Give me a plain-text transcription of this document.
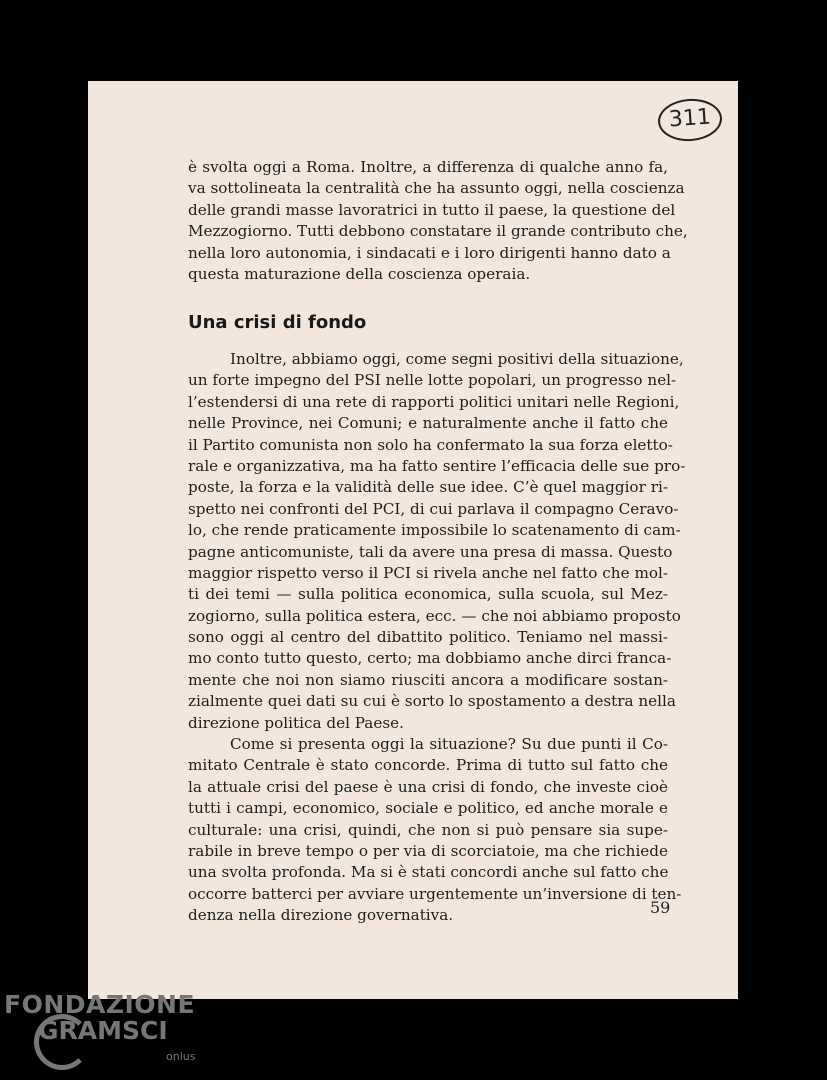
311
è svolta oggi a Roma. Inoltre, a differenza di qualche anno fa,
va sottolineata la centralità che ha assunto oggi, nella coscienza
delle grandi masse lavoratrici in tutto il paese, la questione del
Mezzogiorno. Tutti debbono constatare il grande contributo che,
nella loro autonomia, i sindacati e i loro dirigenti hanno dato a
questa maturazione della coscienza operaia.
Una crisi di fondo
Inoltre, abbiamo oggi, come segni positivi della situazione,
un forte impegno del PSI nelle lotte popolari, un progresso nel-
l’estendersi di una rete di rapporti politici unitari nelle Regioni,
nelle Province, nei Comuni; e naturalmente anche il fatto che
il Partito comunista non solo ha confermato la sua forza eletto-
rale e organizzativa, ma ha fatto sentire l’efficacia delle sue pro-
poste, la forza e la validità delle sue idee. C’è quel maggior ri-
spetto nei confronti del PCI, di cui parlava il compagno Ceravo-
lo, che rende praticamente impossibile lo scatenamento di cam-
pagne anticomuniste, tali da avere una presa di massa. Questo
maggior rispetto verso il PCI si rivela anche nel fatto che mol-
ti dei temi — sulla politica economica, sulla scuola, sul Mez-
zogiorno, sulla politica estera, ecc. — che noi abbiamo proposto
sono oggi al centro del dibattito politico. Teniamo nel massi-
mo conto tutto questo, certo; ma dobbiamo anche dirci franca-
mente che noi non siamo riusciti ancora a modificare sostan-
zialmente quei dati su cui è sorto lo spostamento a destra nella
direzione politica del Paese.
Come si presenta oggi la situazione? Su due punti il Co-
mitato Centrale è stato concorde. Prima di tutto sul fatto che
la attuale crisi del paese è una crisi di fondo, che investe cioè
tutti i campi, economico, sociale e politico, ed anche morale e
culturale: una crisi, quindi, che non si può pensare sia supe-
rabile in breve tempo o per via di scorciatoie, ma che richiede
una svolta profonda. Ma si è stati concordi anche sul fatto che
occorre batterci per avviare urgentemente un’inversione di ten-
denza nella direzione governativa.	59
FONDAZIONE
GRAMSCI
onlus
